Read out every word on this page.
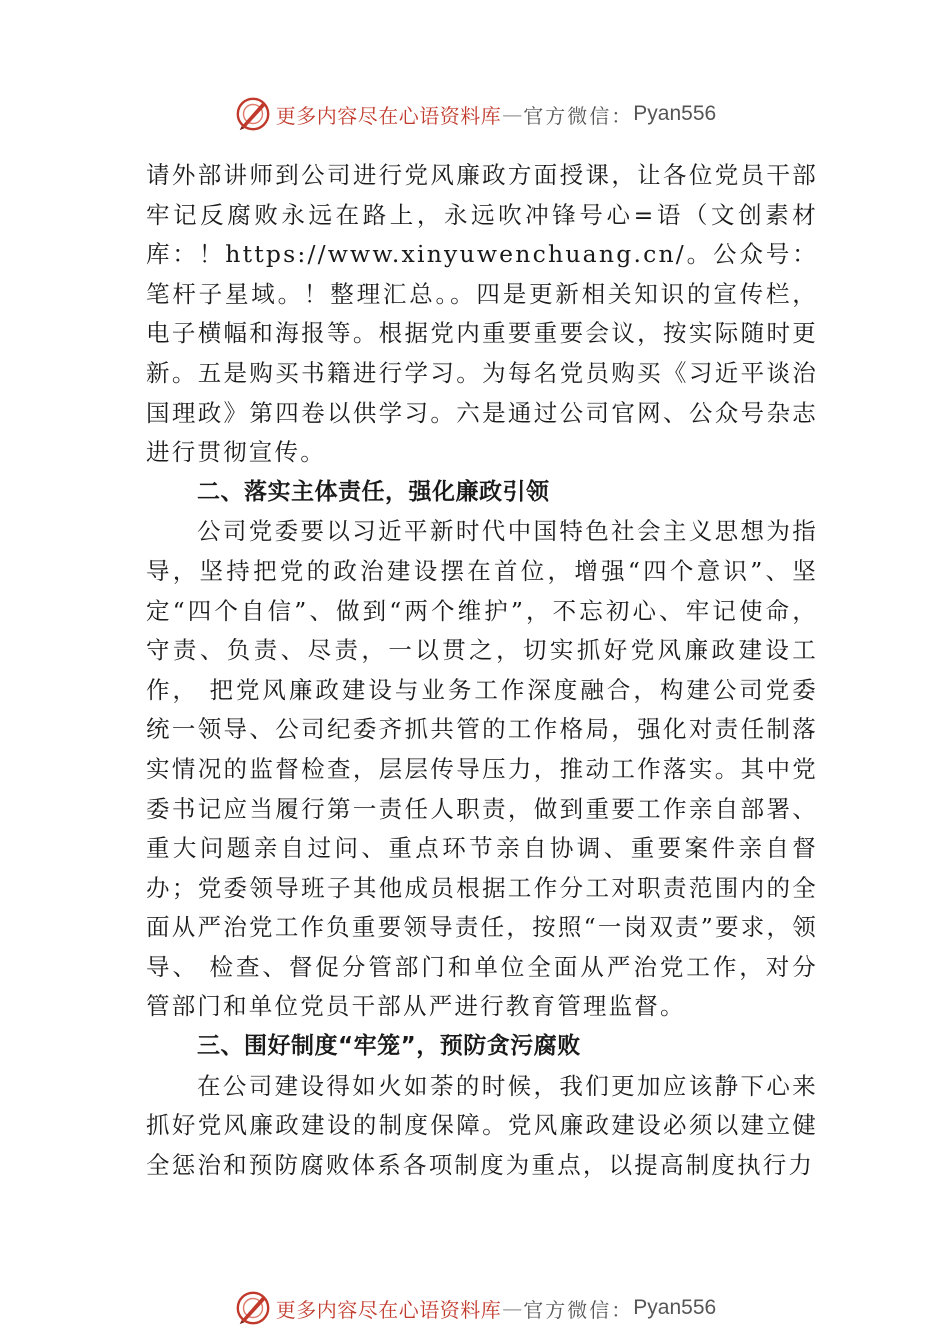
更多内容尽在心语资料库 — 官方微信： Pyan556

请外部讲师到公司进行党风廉政方面授课，让各位党员干部牢记反腐败永远在路上，永远吹冲锋号心=语（文创素材库：！https://www.xinyuwenchuang.cn/。公众号：笔杆子星域。！整理汇总。。四是更新相关知识的宣传栏，电子横幅和海报等。根据党内重要重要会议，按实际随时更新。五是购买书籍进行学习。为每名党员购买《习近平谈治国理政》第四卷以供学习。六是通过公司官网、公众号杂志进行贯彻宣传。

二、落实主体责任，强化廉政引领

公司党委要以习近平新时代中国特色社会主义思想为指导，坚持把党的政治建设摆在首位，增强“四个意识”、坚定“四个自信”、做到“两个维护”，不忘初心、牢记使命，守责、负责、尽责，一以贯之，切实抓好党风廉政建设工作， 把党风廉政建设与业务工作深度融合，构建公司党委统一领导、公司纪委齐抓共管的工作格局，强化对责任制落实情况的监督检查，层层传导压力，推动工作落实。其中党委书记应当履行第一责任人职责，做到重要工作亲自部署、重大问题亲自过问、重点环节亲自协调、重要案件亲自督办；党委领导班子其他成员根据工作分工对职责范围内的全面从严治党工作负重要领导责任，按照“一岗双责”要求，领导、 检查、督促分管部门和单位全面从严治党工作，对分管部门和单位党员干部从严进行教育管理监督。

三、围好制度“牢笼”，预防贪污腐败

在公司建设得如火如荼的时候，我们更加应该静下心来抓好党风廉政建设的制度保障。党风廉政建设必须以建立健全惩治和预防腐败体系各项制度为重点，以提高制度执行力

更多内容尽在心语资料库 — 官方微信： Pyan556
